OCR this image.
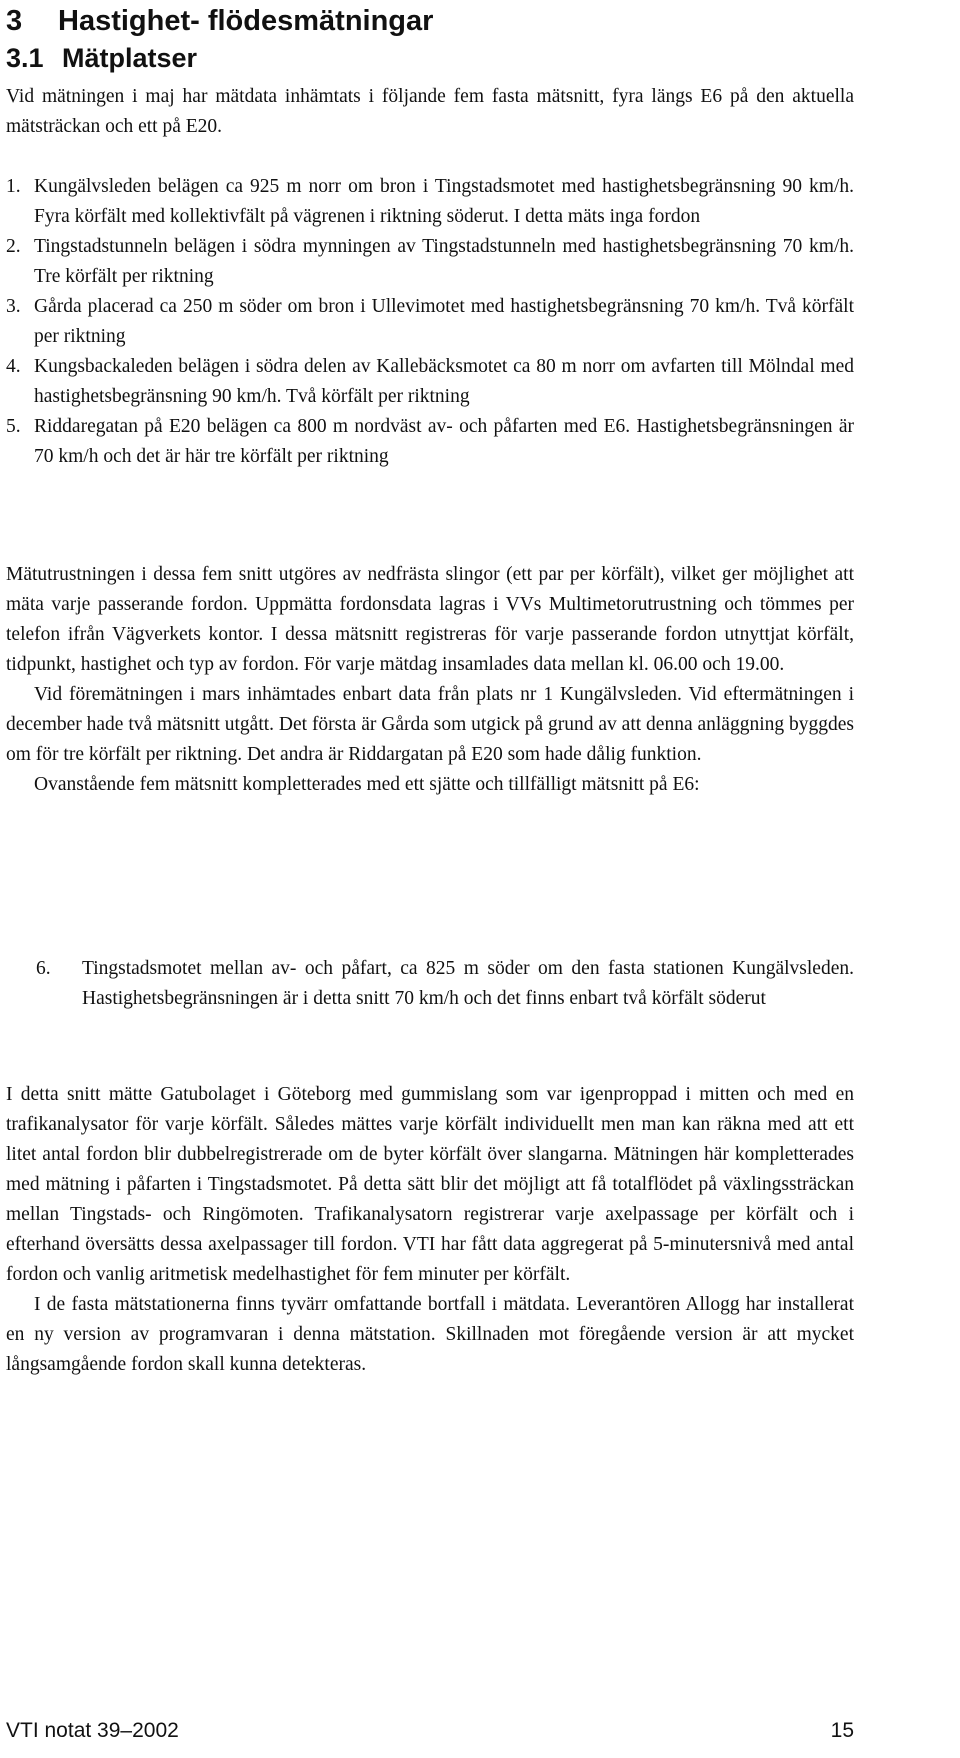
3 Hastighet- flödesmätningar
3.1 Mätplatser

Vid mätningen i maj har mätdata inhämtats i följande fem fasta mätsnitt, fyra längs E6 på den aktuella mätsträckan och ett på E20.

1. Kungälvsleden belägen ca 925 m norr om bron i Tingstadsmotet med hastighetsbegränsning 90 km/h. Fyra körfält med kollektivfält på vägrenen i riktning söderut. I detta mäts inga fordon
2. Tingstadstunneln belägen i södra mynningen av Tingstadstunneln med hastighetsbegränsning 70 km/h. Tre körfält per riktning
3. Gårda placerad ca 250 m söder om bron i Ullevimotet med hastighetsbegränsning 70 km/h. Två körfält per riktning
4. Kungsbackaleden belägen i södra delen av Kallebäcksmotet ca 80 m norr om avfarten till Mölndal med hastighetsbegränsning 90 km/h. Två körfält per riktning
5. Riddaregatan på E20 belägen ca 800 m nordväst av- och påfarten med E6. Hastighetsbegränsningen är 70 km/h och det är här tre körfält per riktning

Mätutrustningen i dessa fem snitt utgöres av nedfrästa slingor (ett par per körfält), vilket ger möjlighet att mäta varje passerande fordon. Uppmätta fordonsdata lagras i VVs Multimetorutrustning och tömmes per telefon ifrån Vägverkets kontor. I dessa mätsnitt registreras för varje passerande fordon utnyttjat körfält, tidpunkt, hastighet och typ av fordon. För varje mätdag insamlades data mellan kl. 06.00 och 19.00.

Vid föremätningen i mars inhämtades enbart data från plats nr 1 Kungälvsleden. Vid eftermätningen i december hade två mätsnitt utgått. Det första är Gårda som utgick på grund av att denna anläggning byggdes om för tre körfält per riktning. Det andra är Riddargatan på E20 som hade dålig funktion.

Ovanstående fem mätsnitt kompletterades med ett sjätte och tillfälligt mätsnitt på E6:

6. Tingstadsmotet mellan av- och påfart, ca 825 m söder om den fasta stationen Kungälvsleden. Hastighetsbegränsningen är i detta snitt 70 km/h och det finns enbart två körfält söderut

I detta snitt mätte Gatubolaget i Göteborg med gummislang som var igenproppad i mitten och med en trafikanalysator för varje körfält. Således mättes varje körfält individuellt men man kan räkna med att ett litet antal fordon blir dubbelregistrerade om de byter körfält över slangarna. Mätningen här kompletterades med mätning i påfarten i Tingstadsmotet. På detta sätt blir det möjligt att få totalflödet på växlingssträckan mellan Tingstads- och Ringömoten. Trafikanalysatorn registrerar varje axelpassage per körfält och i efterhand översätts dessa axelpassager till fordon. VTI har fått data aggregerat på 5-minutersnivå med antal fordon och vanlig aritmetisk medelhastighet för fem minuter per körfält.

I de fasta mätstationerna finns tyvärr omfattande bortfall i mätdata. Leverantören Allogg har installerat en ny version av programvaran i denna mätstation. Skillnaden mot föregående version är att mycket långsamgående fordon skall kunna detekteras.

VTI notat 39–2002	15
